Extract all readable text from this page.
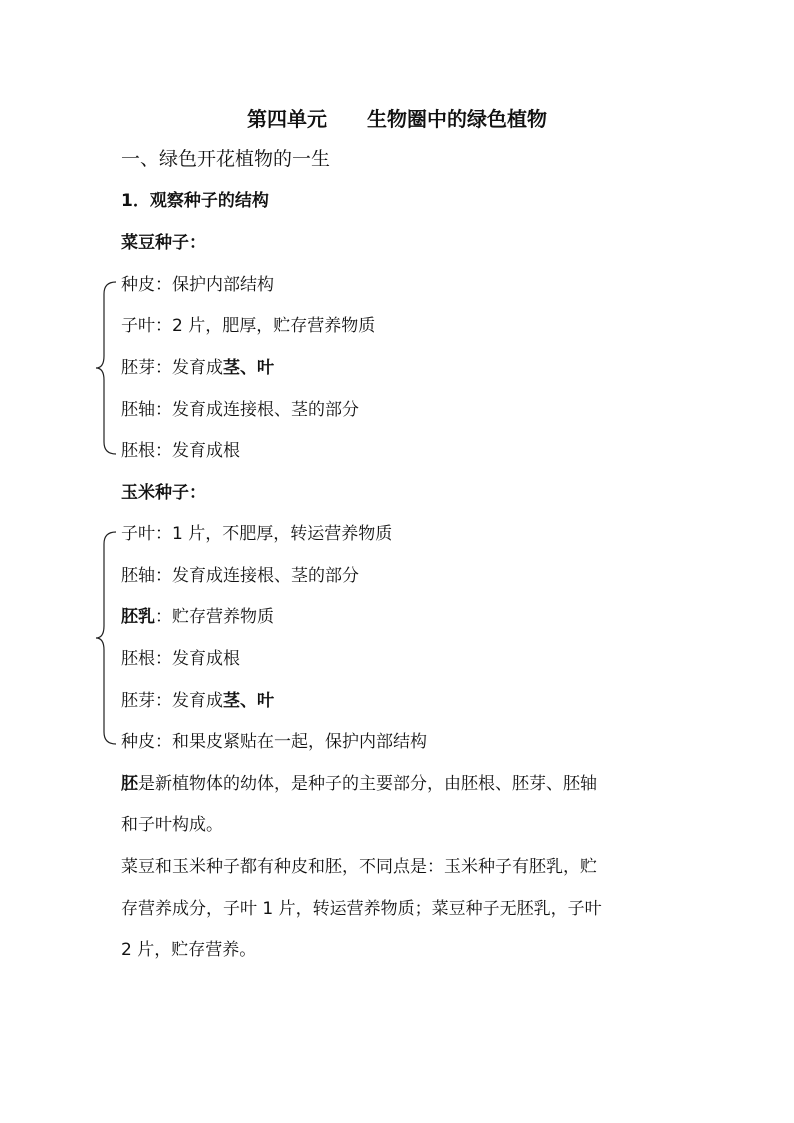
第四单元　　生物圈中的绿色植物
一、绿色开花植物的一生
1．观察种子的结构
菜豆种子：
种皮：保护内部结构
子叶：2 片，肥厚，贮存营养物质
胚芽：发育成茎、叶
胚轴：发育成连接根、茎的部分
胚根：发育成根
玉米种子：
子叶：1 片，不肥厚，转运营养物质
胚轴：发育成连接根、茎的部分
胚乳：贮存营养物质
胚根：发育成根
胚芽：发育成茎、叶
种皮：和果皮紧贴在一起，保护内部结构
胚是新植物体的幼体，是种子的主要部分，由胚根、胚芽、胚轴
和子叶构成。
菜豆和玉米种子都有种皮和胚，不同点是：玉米种子有胚乳，贮
存营养成分，子叶 1 片，转运营养物质；菜豆种子无胚乳，子叶
2 片，贮存营养。
